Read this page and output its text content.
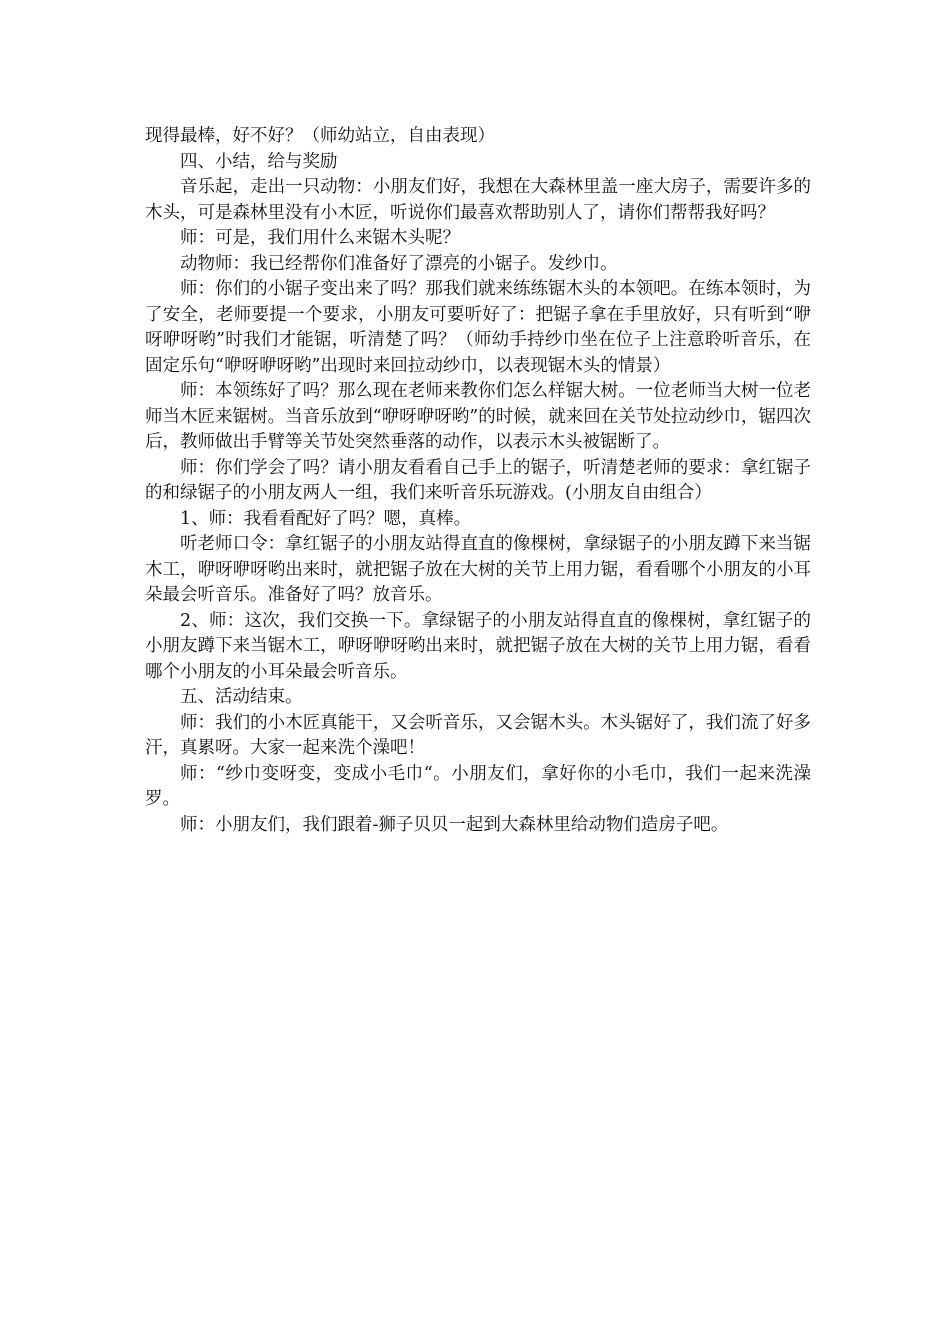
现得最棒，好不好？（师幼站立，自由表现）

四、小结，给与奖励

音乐起，走出一只动物：小朋友们好，我想在大森林里盖一座大房子，需要许多的木头，可是森林里没有小木匠，听说你们最喜欢帮助别人了，请你们帮帮我好吗？

师：可是，我们用什么来锯木头呢？

动物师：我已经帮你们准备好了漂亮的小锯子。发纱巾。

师：你们的小锯子变出来了吗？那我们就来练练锯木头的本领吧。在练本领时，为了安全，老师要提一个要求，小朋友可要听好了：把锯子拿在手里放好，只有听到“咿呀咿呀哟”时我们才能锯，听清楚了吗？（师幼手持纱巾坐在位子上注意聆听音乐，在固定乐句“咿呀咿呀哟”出现时来回拉动纱巾，以表现锯木头的情景）

师：本领练好了吗？那么现在老师来教你们怎么样锯大树。一位老师当大树一位老师当木匠来锯树。当音乐放到“咿呀咿呀哟”的时候，就来回在关节处拉动纱巾，锯四次后，教师做出手臂等关节处突然垂落的动作，以表示木头被锯断了。

师：你们学会了吗？请小朋友看看自己手上的锯子，听清楚老师的要求：拿红锯子的和绿锯子的小朋友两人一组，我们来听音乐玩游戏。(小朋友自由组合）

1、师：我看看配好了吗？嗯，真棒。

听老师口令：拿红锯子的小朋友站得直直的像棵树，拿绿锯子的小朋友蹲下来当锯木工，咿呀咿呀哟出来时，就把锯子放在大树的关节上用力锯，看看哪个小朋友的小耳朵最会听音乐。准备好了吗？放音乐。

2、师：这次，我们交换一下。拿绿锯子的小朋友站得直直的像棵树，拿红锯子的小朋友蹲下来当锯木工，咿呀咿呀哟出来时，就把锯子放在大树的关节上用力锯，看看哪个小朋友的小耳朵最会听音乐。

五、活动结束。

师：我们的小木匠真能干，又会听音乐，又会锯木头。木头锯好了，我们流了好多汗，真累呀。大家一起来洗个澡吧！

师：“纱巾变呀变，变成小毛巾“。小朋友们，拿好你的小毛巾，我们一起来洗澡罗。

师：小朋友们，我们跟着-狮子贝贝一起到大森林里给动物们造房子吧。
